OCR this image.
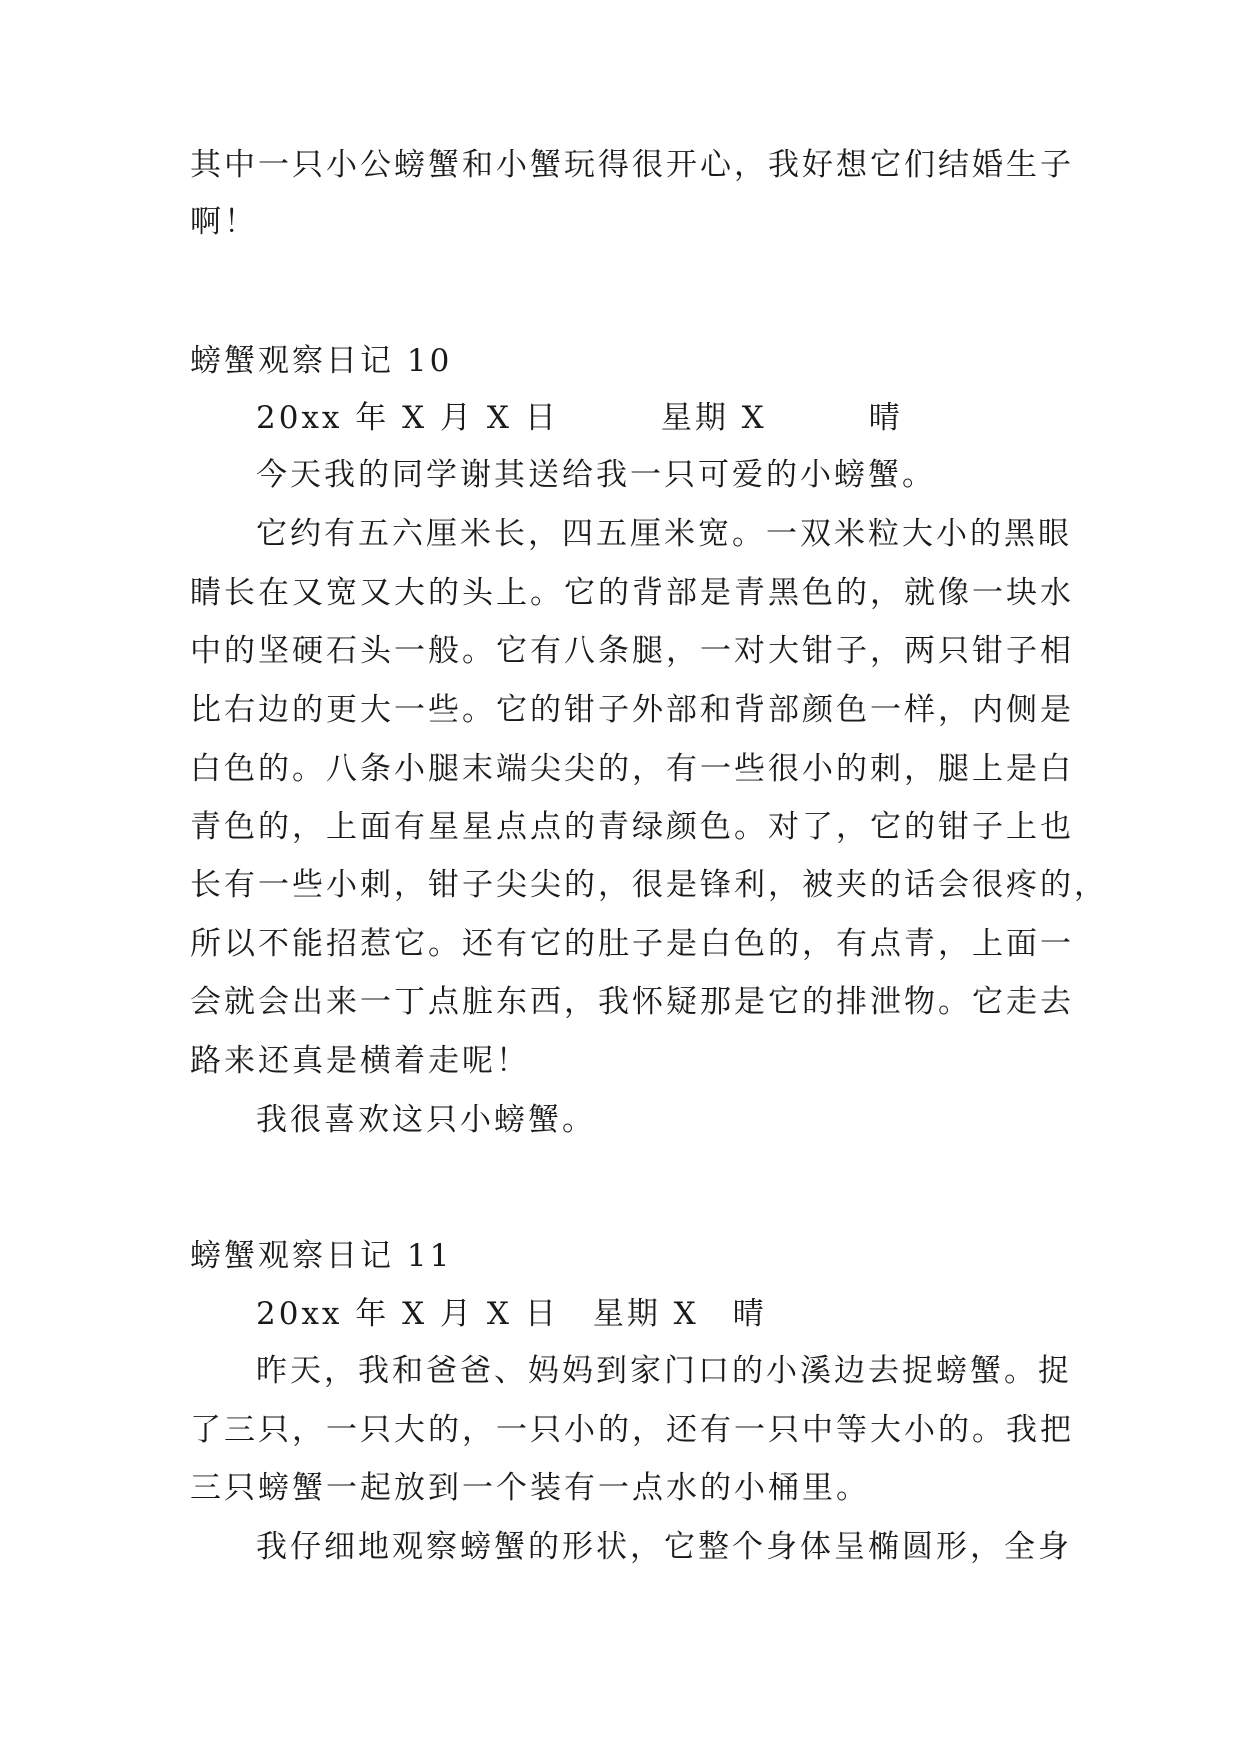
其中一只小公螃蟹和小蟹玩得很开心，我好想它们结婚生子
啊！
螃蟹观察日记 10
20xx 年 X 月 X 日　　　星期 X　　　晴
今天我的同学谢其送给我一只可爱的小螃蟹。
它约有五六厘米长，四五厘米宽。一双米粒大小的黑眼
睛长在又宽又大的头上。它的背部是青黑色的，就像一块水
中的坚硬石头一般。它有八条腿，一对大钳子，两只钳子相
比右边的更大一些。它的钳子外部和背部颜色一样，内侧是
白色的。八条小腿末端尖尖的，有一些很小的刺，腿上是白
青色的，上面有星星点点的青绿颜色。对了，它的钳子上也
长有一些小刺，钳子尖尖的，很是锋利，被夹的话会很疼的，
所以不能招惹它。还有它的肚子是白色的，有点青，上面一
会就会出来一丁点脏东西，我怀疑那是它的排泄物。它走去
路来还真是横着走呢！
我很喜欢这只小螃蟹。
螃蟹观察日记 11
20xx 年 X 月 X 日　星期 X　晴
昨天，我和爸爸、妈妈到家门口的小溪边去捉螃蟹。捉
了三只，一只大的，一只小的，还有一只中等大小的。我把
三只螃蟹一起放到一个装有一点水的小桶里。
我仔细地观察螃蟹的形状，它整个身体呈椭圆形，全身
